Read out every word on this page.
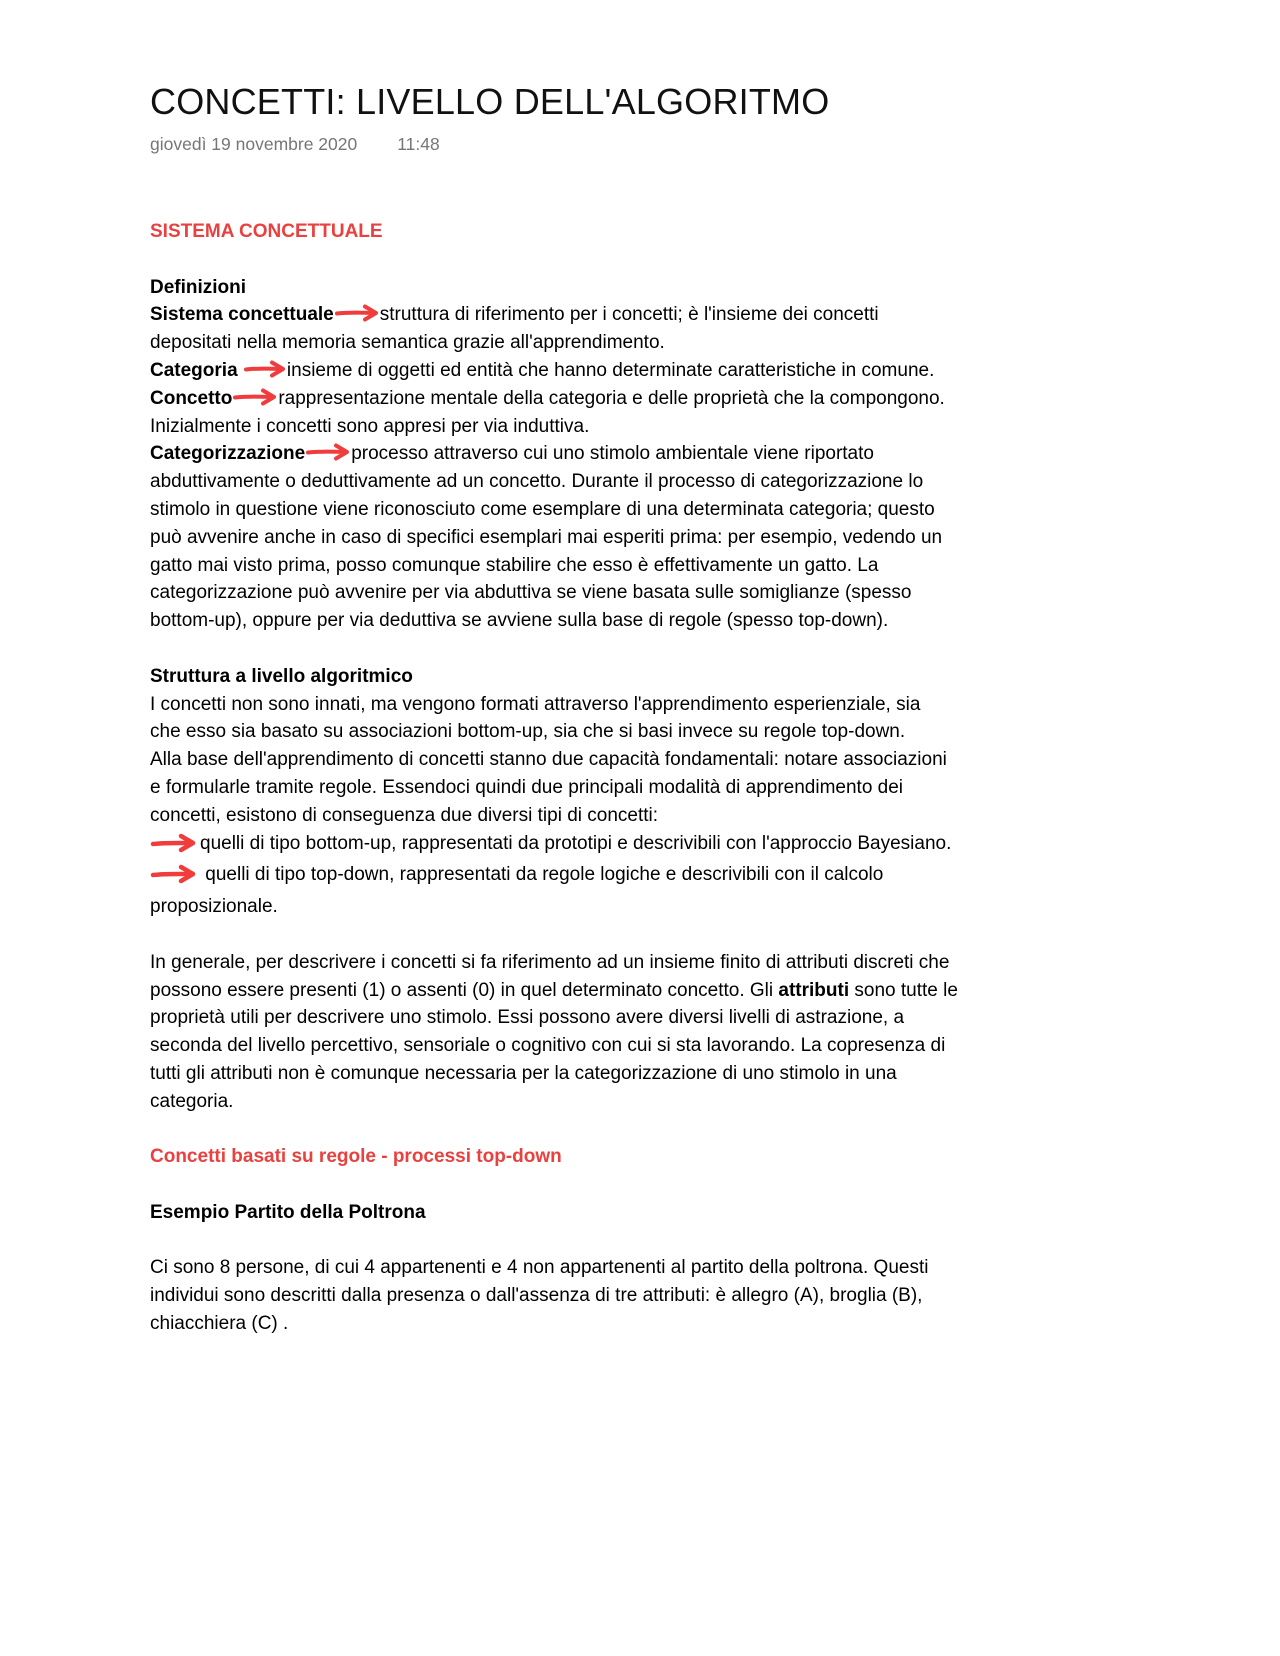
CONCETTI: LIVELLO DELL'ALGORITMO
giovedì 19 novembre 2020 11:48
SISTEMA CONCETTUALE
Definizioni
Sistema concettuale struttura di riferimento per i concetti; è l'insieme dei concetti
depositati nella memoria semantica grazie all'apprendimento.
Categoria
insieme di oggetti ed entità che hanno determinate caratteristiche in comune.
Concetto rappresentazione mentale della categoria e delle proprietà che la compongono.
Inizialmente i concetti sono appresi per via induttiva.
Categorizzazione processo attraverso cui uno stimolo ambientale viene riportato
abduttivamente o deduttivamente ad un concetto. Durante il processo di categorizzazione lo
stimolo in questione viene riconosciuto come esemplare di una determinata categoria; questo
può avvenire anche in caso di specifici esemplari mai esperiti prima: per esempio, vedendo un
gatto mai visto prima, posso comunque stabilire che esso è effettivamente un gatto. La
categorizzazione può avvenire per via abduttiva se viene basata sulle somiglianze (spesso
bottom-up), oppure per via deduttiva se avviene sulla base di regole (spesso top-down).
Struttura a livello algoritmico
I concetti non sono innati, ma vengono formati attraverso l'apprendimento esperienziale, sia
che esso sia basato su associazioni bottom-up, sia che si basi invece su regole top-down.
Alla base dell'apprendimento di concetti stanno due capacità fondamentali: notare associazioni
e formularle tramite regole. Essendoci quindi due principali modalità di apprendimento dei
concetti, esistono di conseguenza due diversi tipi di concetti:
quelli di tipo bottom-up, rappresentati da prototipi e descrivibili con l'approccio Bayesiano.
quelli di tipo top-down, rappresentati da regole logiche e descrivibili con il calcolo
proposizionale.
In generale, per descrivere i concetti si fa riferimento ad un insieme finito di attributi discreti che
possono essere presenti (1) o assenti (0) in quel determinato concetto. Gli attributi sono tutte le
proprietà utili per descrivere uno stimolo. Essi possono avere diversi livelli di astrazione, a
seconda del livello percettivo, sensoriale o cognitivo con cui si sta lavorando. La copresenza di
tutti gli attributi non è comunque necessaria per la categorizzazione di uno stimolo in una
categoria.
Concetti basati su regole - processi top-down
Esempio Partito della Poltrona
Ci sono 8 persone, di cui 4 appartenenti e 4 non appartenenti al partito della poltrona. Questi
individui sono descritti dalla presenza o dall'assenza di tre attributi: è allegro (A), broglia (B),
chiacchiera (C) .
